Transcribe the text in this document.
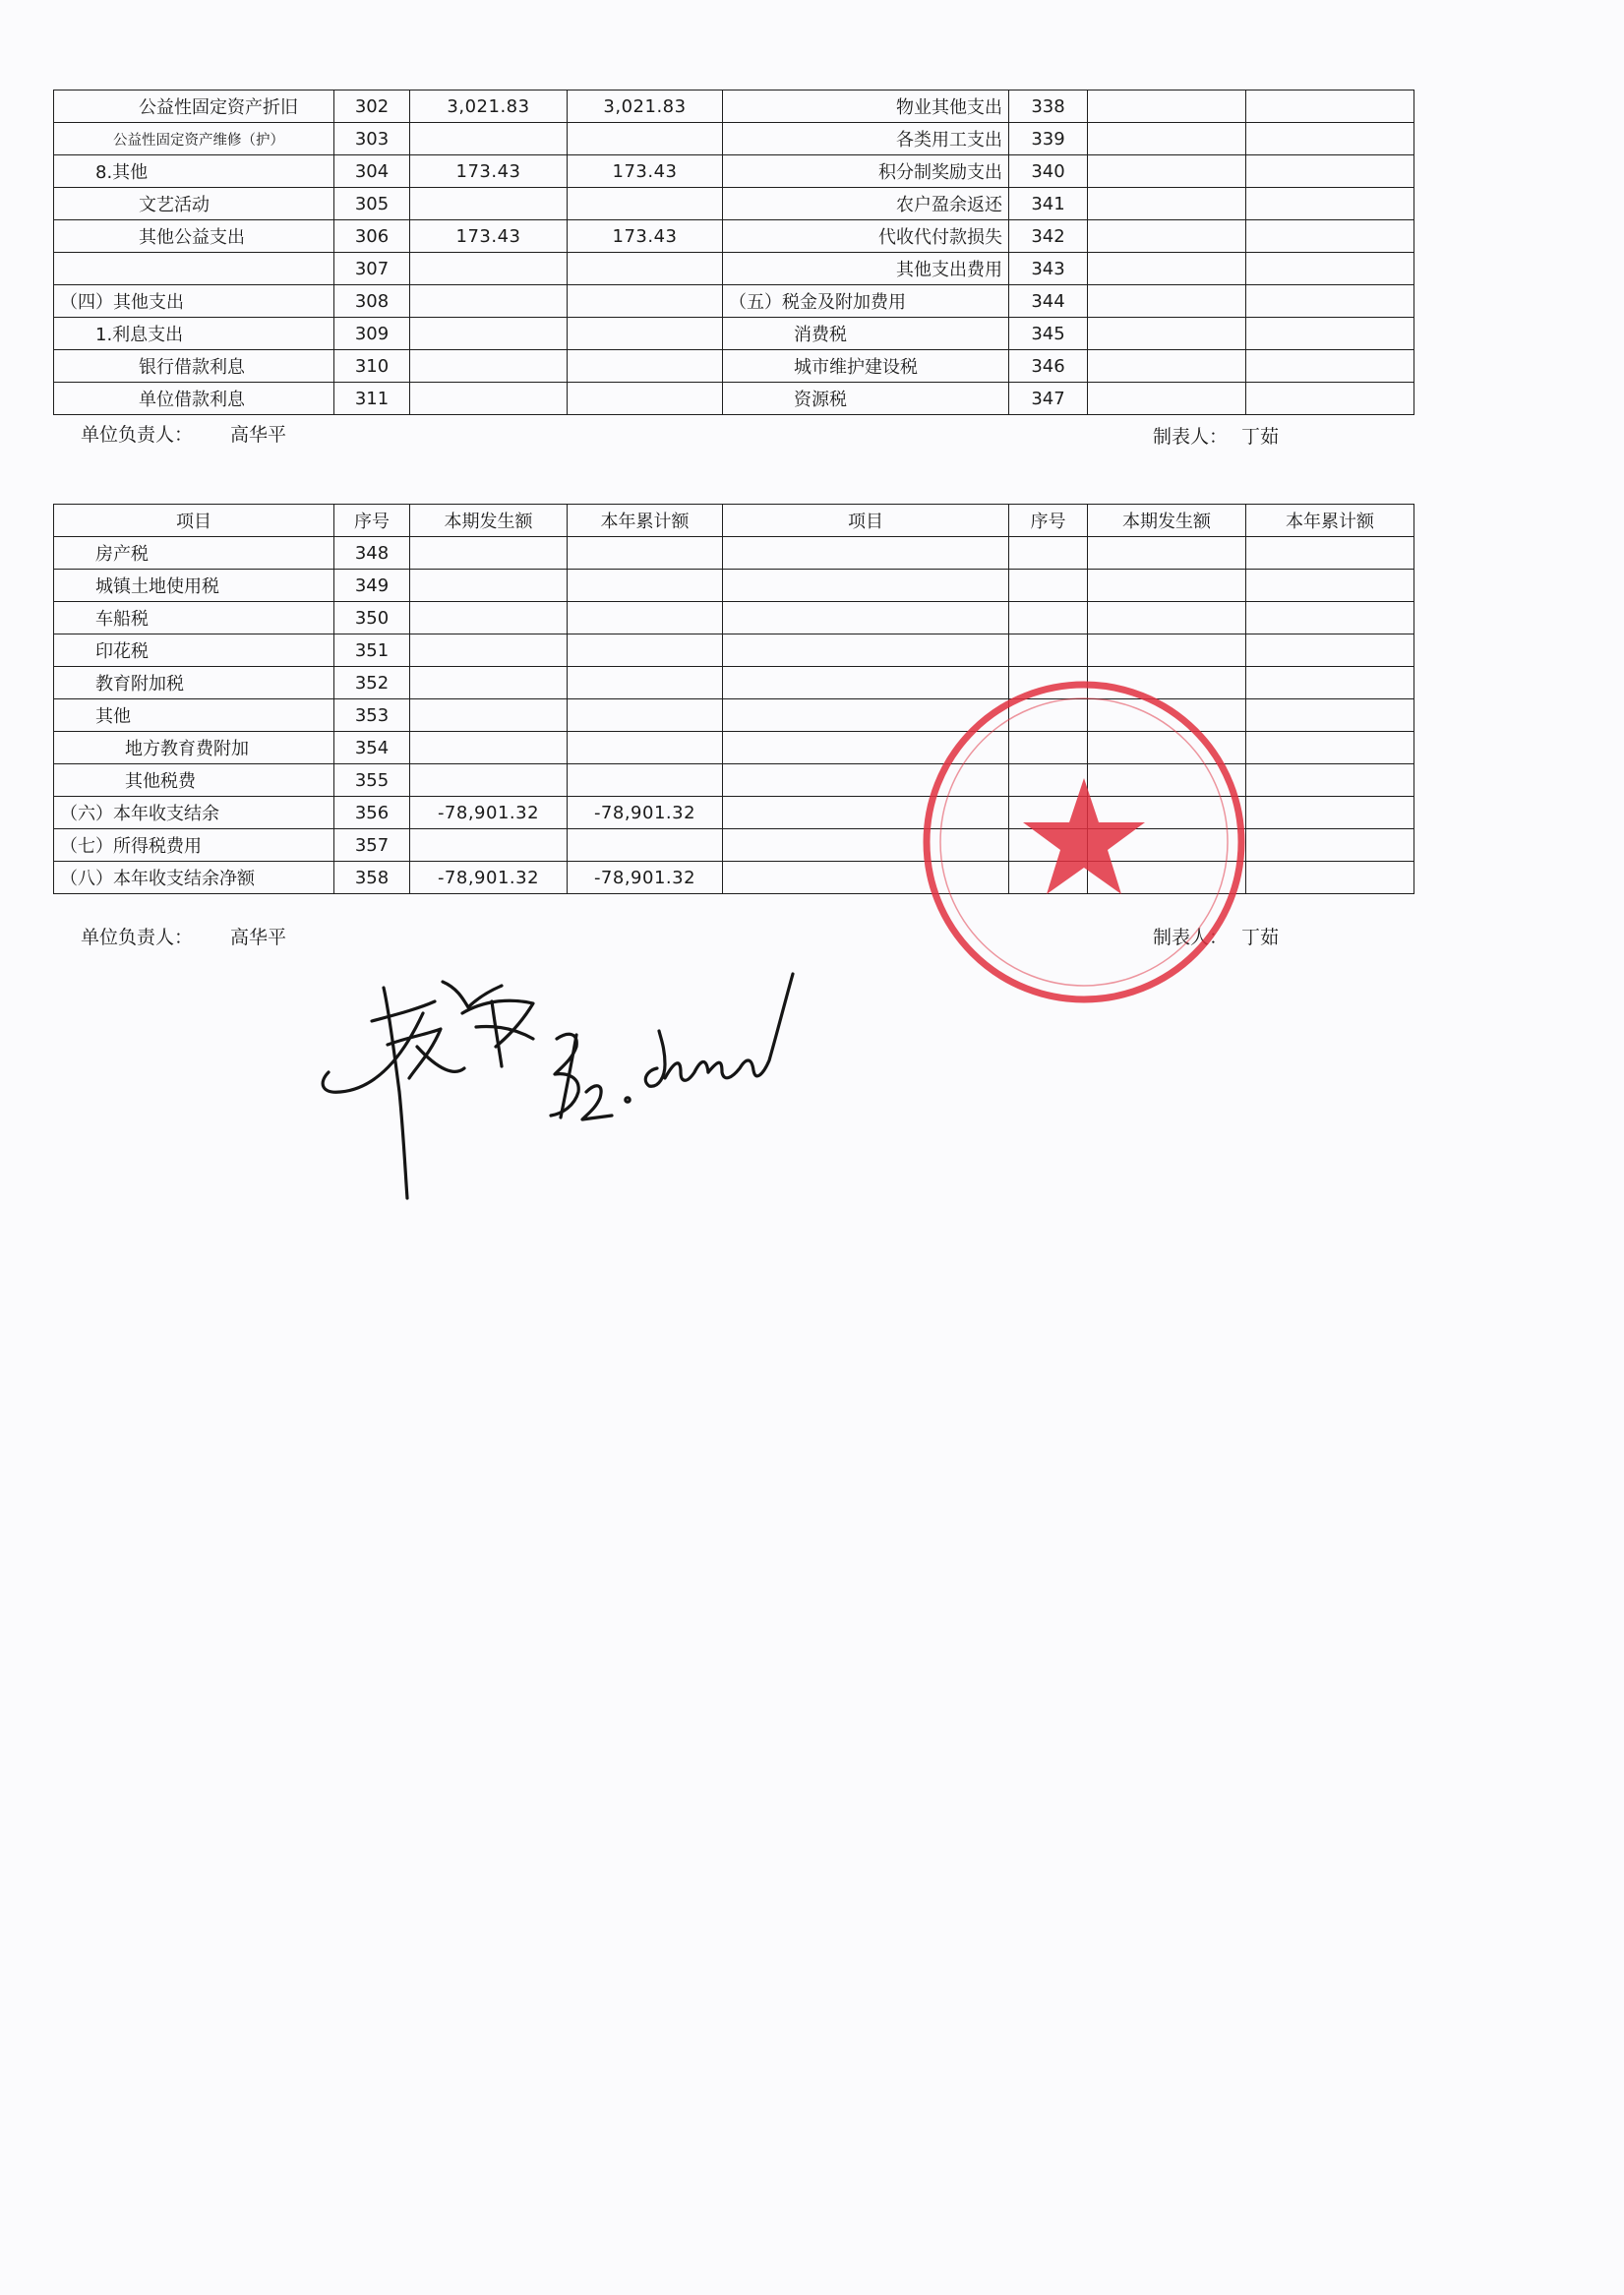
公益性固定资产折旧	302	3,021.83	3,021.83	物业其他支出	338		
公益性固定资产维修（护）	303			各类用工支出	339		
8.其他	304	173.43	173.43	积分制奖励支出	340		
文艺活动	305			农户盈余返还	341		
其他公益支出	306	173.43	173.43	代收代付款损失	342		
	307			其他支出费用	343		
（四）其他支出	308			（五）税金及附加费用	344		
1.利息支出	309			消费税	345		
银行借款利息	310			城市维护建设税	346		
单位借款利息	311			资源税	347		
单位负责人： 高华平	制表人： 丁茹
项目	序号	本期发生额	本年累计额	项目	序号	本期发生额	本年累计额
房产税	348						
城镇土地使用税	349						
车船税	350						
印花税	351						
教育附加税	352						
其他	353						
地方教育费附加	354						
其他税费	355						
（六）本年收支结余	356	-78,901.32	-78,901.32				
（七）所得税费用	357						
（八）本年收支结余净额	358	-78,901.32	-78,901.32				
单位负责人： 高华平	制表人： 丁茹
